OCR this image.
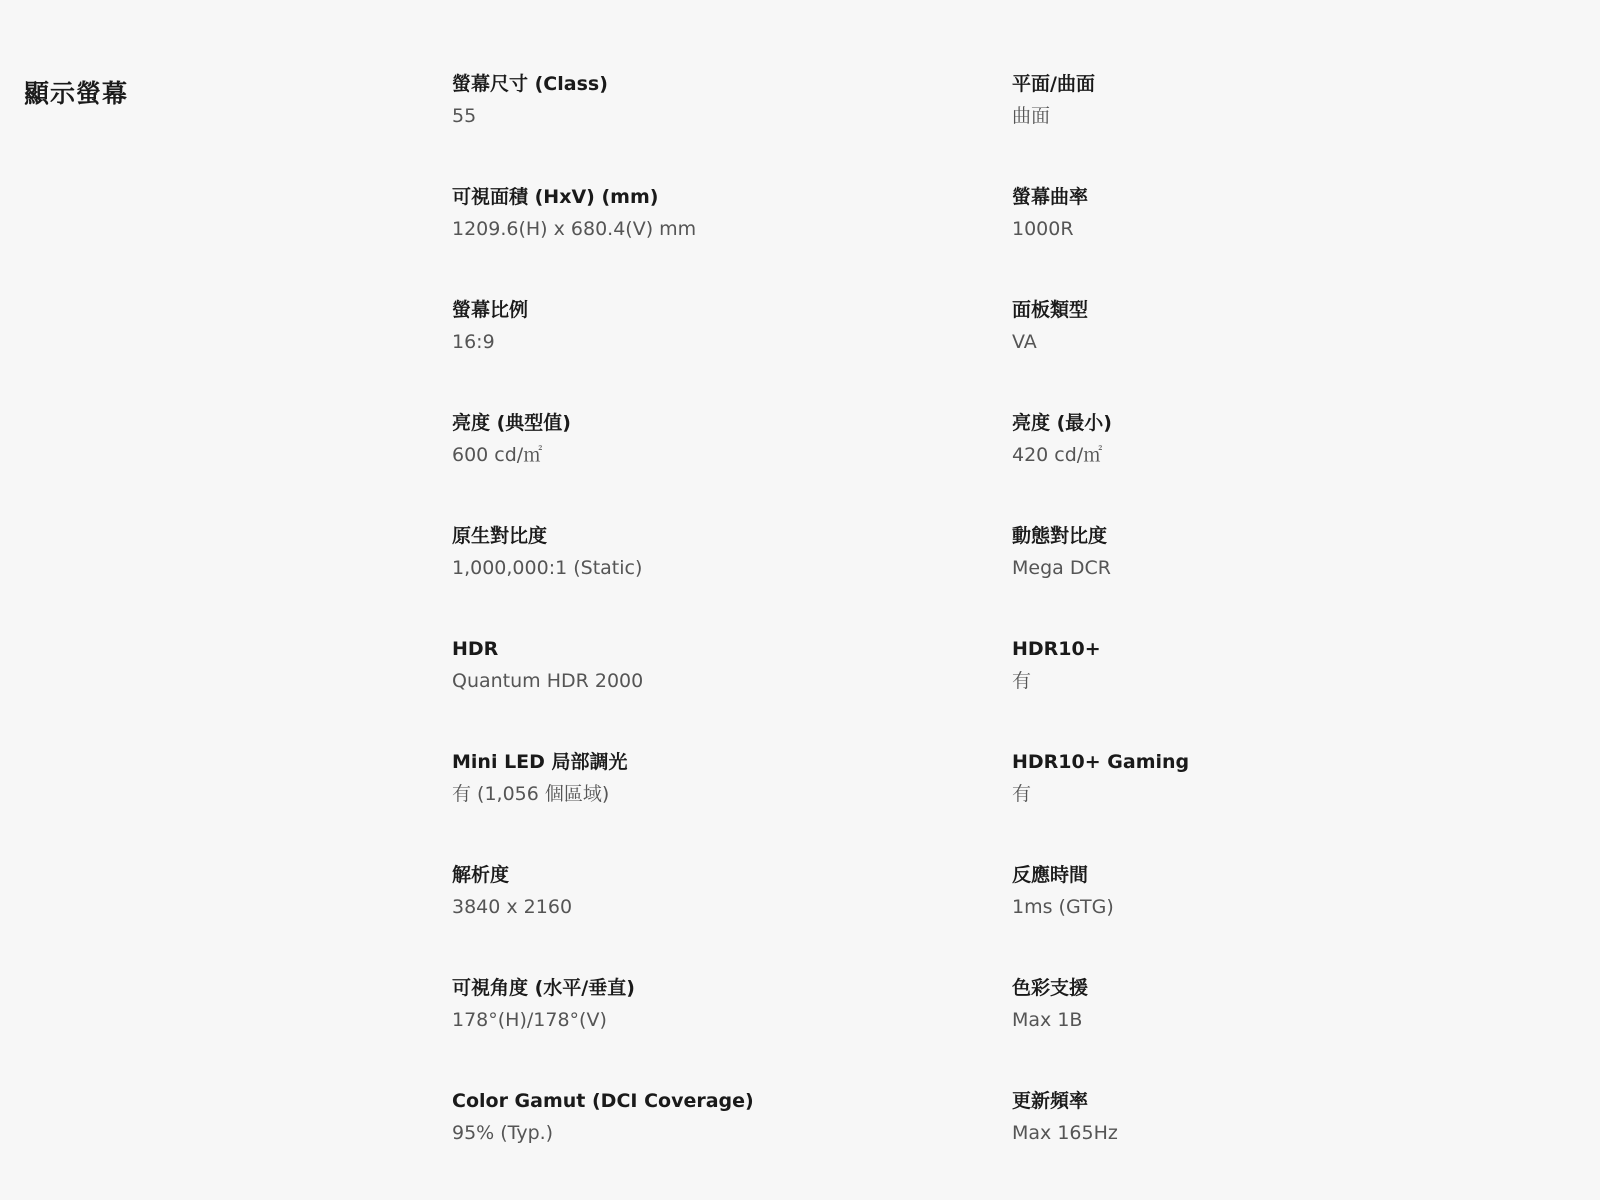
顯示螢幕	螢幕尺寸 (Class)
55
平面/曲面
曲面
可視面積 (HxV) (mm)
1209.6(H) x 680.4(V) mm
螢幕曲率
1000R
螢幕比例
16:9
面板類型
VA
亮度 (典型值)
600 cd/㎡
亮度 (最小)
420 cd/㎡
原生對比度
1,000,000:1 (Static)
動態對比度
Mega DCR
HDR
Quantum HDR 2000
HDR10+
有
Mini LED 局部調光
有 (1,056 個區域)
HDR10+ Gaming
有
解析度
3840 x 2160
反應時間
1ms (GTG)
可視角度 (水平/垂直)
178°(H)/178°(V)
色彩支援
Max 1B
Color Gamut (DCI Coverage)
95% (Typ.)
更新頻率
Max 165Hz
